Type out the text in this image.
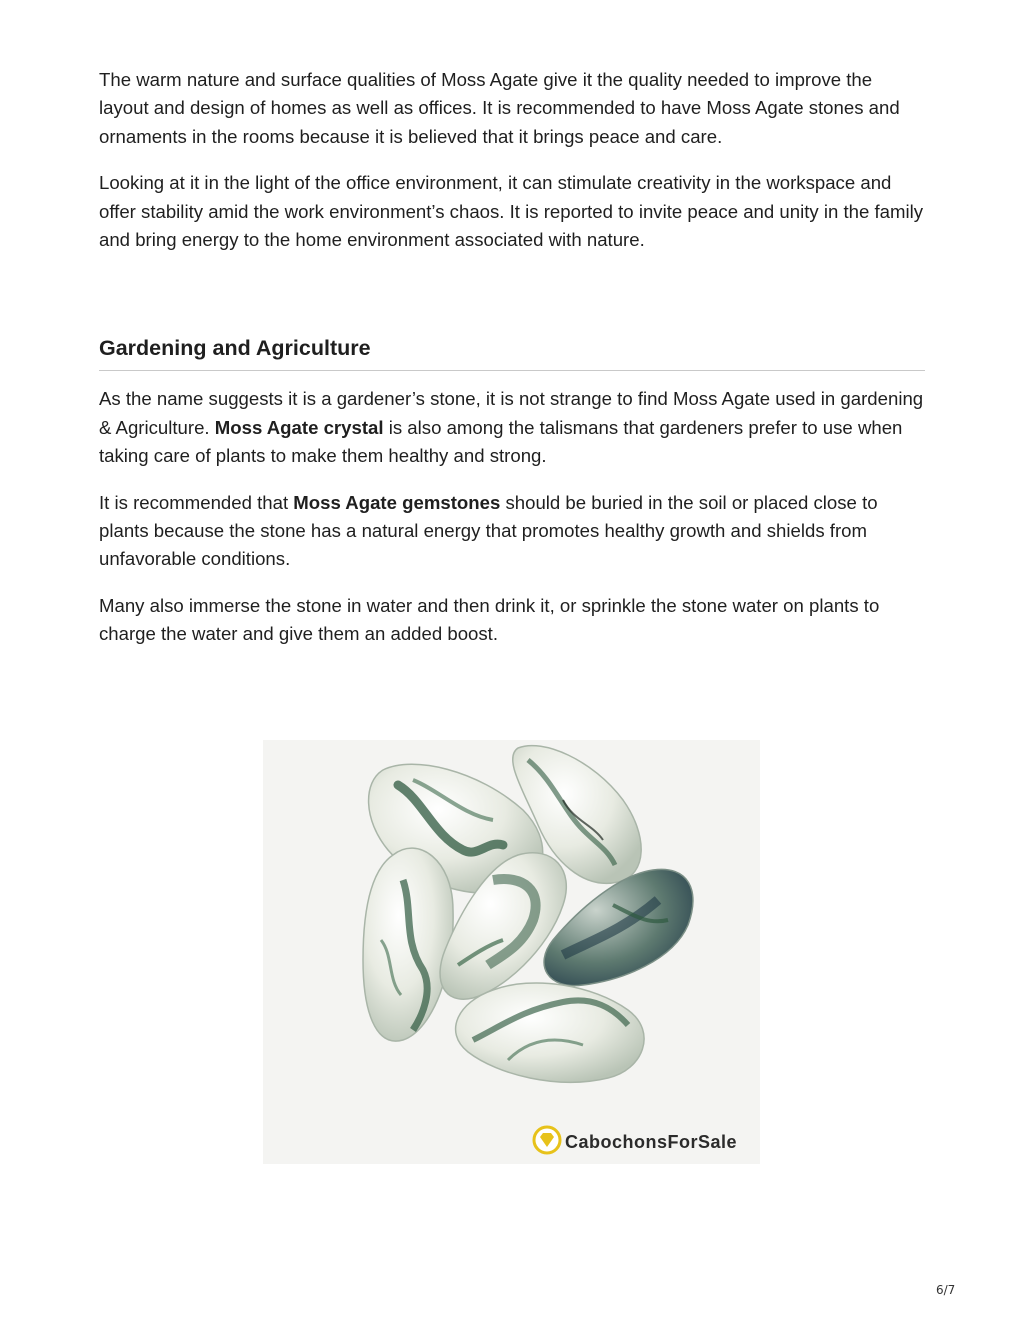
The warm nature and surface qualities of Moss Agate give it the quality needed to improve the layout and design of homes as well as offices. It is recommended to have Moss Agate stones and ornaments in the rooms because it is believed that it brings peace and care.

Looking at it in the light of the office environment, it can stimulate creativity in the workspace and offer stability amid the work environment’s chaos. It is reported to invite peace and unity in the family and bring energy to the home environment associated with nature.

Gardening and Agriculture

As the name suggests it is a gardener’s stone, it is not strange to find Moss Agate used in gardening & Agriculture. Moss Agate crystal is also among the talismans that gardeners prefer to use when taking care of plants to make them healthy and strong.

It is recommended that Moss Agate gemstones should be buried in the soil or placed close to plants because the stone has a natural energy that promotes healthy growth and shields from unfavorable conditions.

Many also immerse the stone in water and then drink it, or sprinkle the stone water on plants to charge the water and give them an added boost.

CabochonsForSale
6/7
